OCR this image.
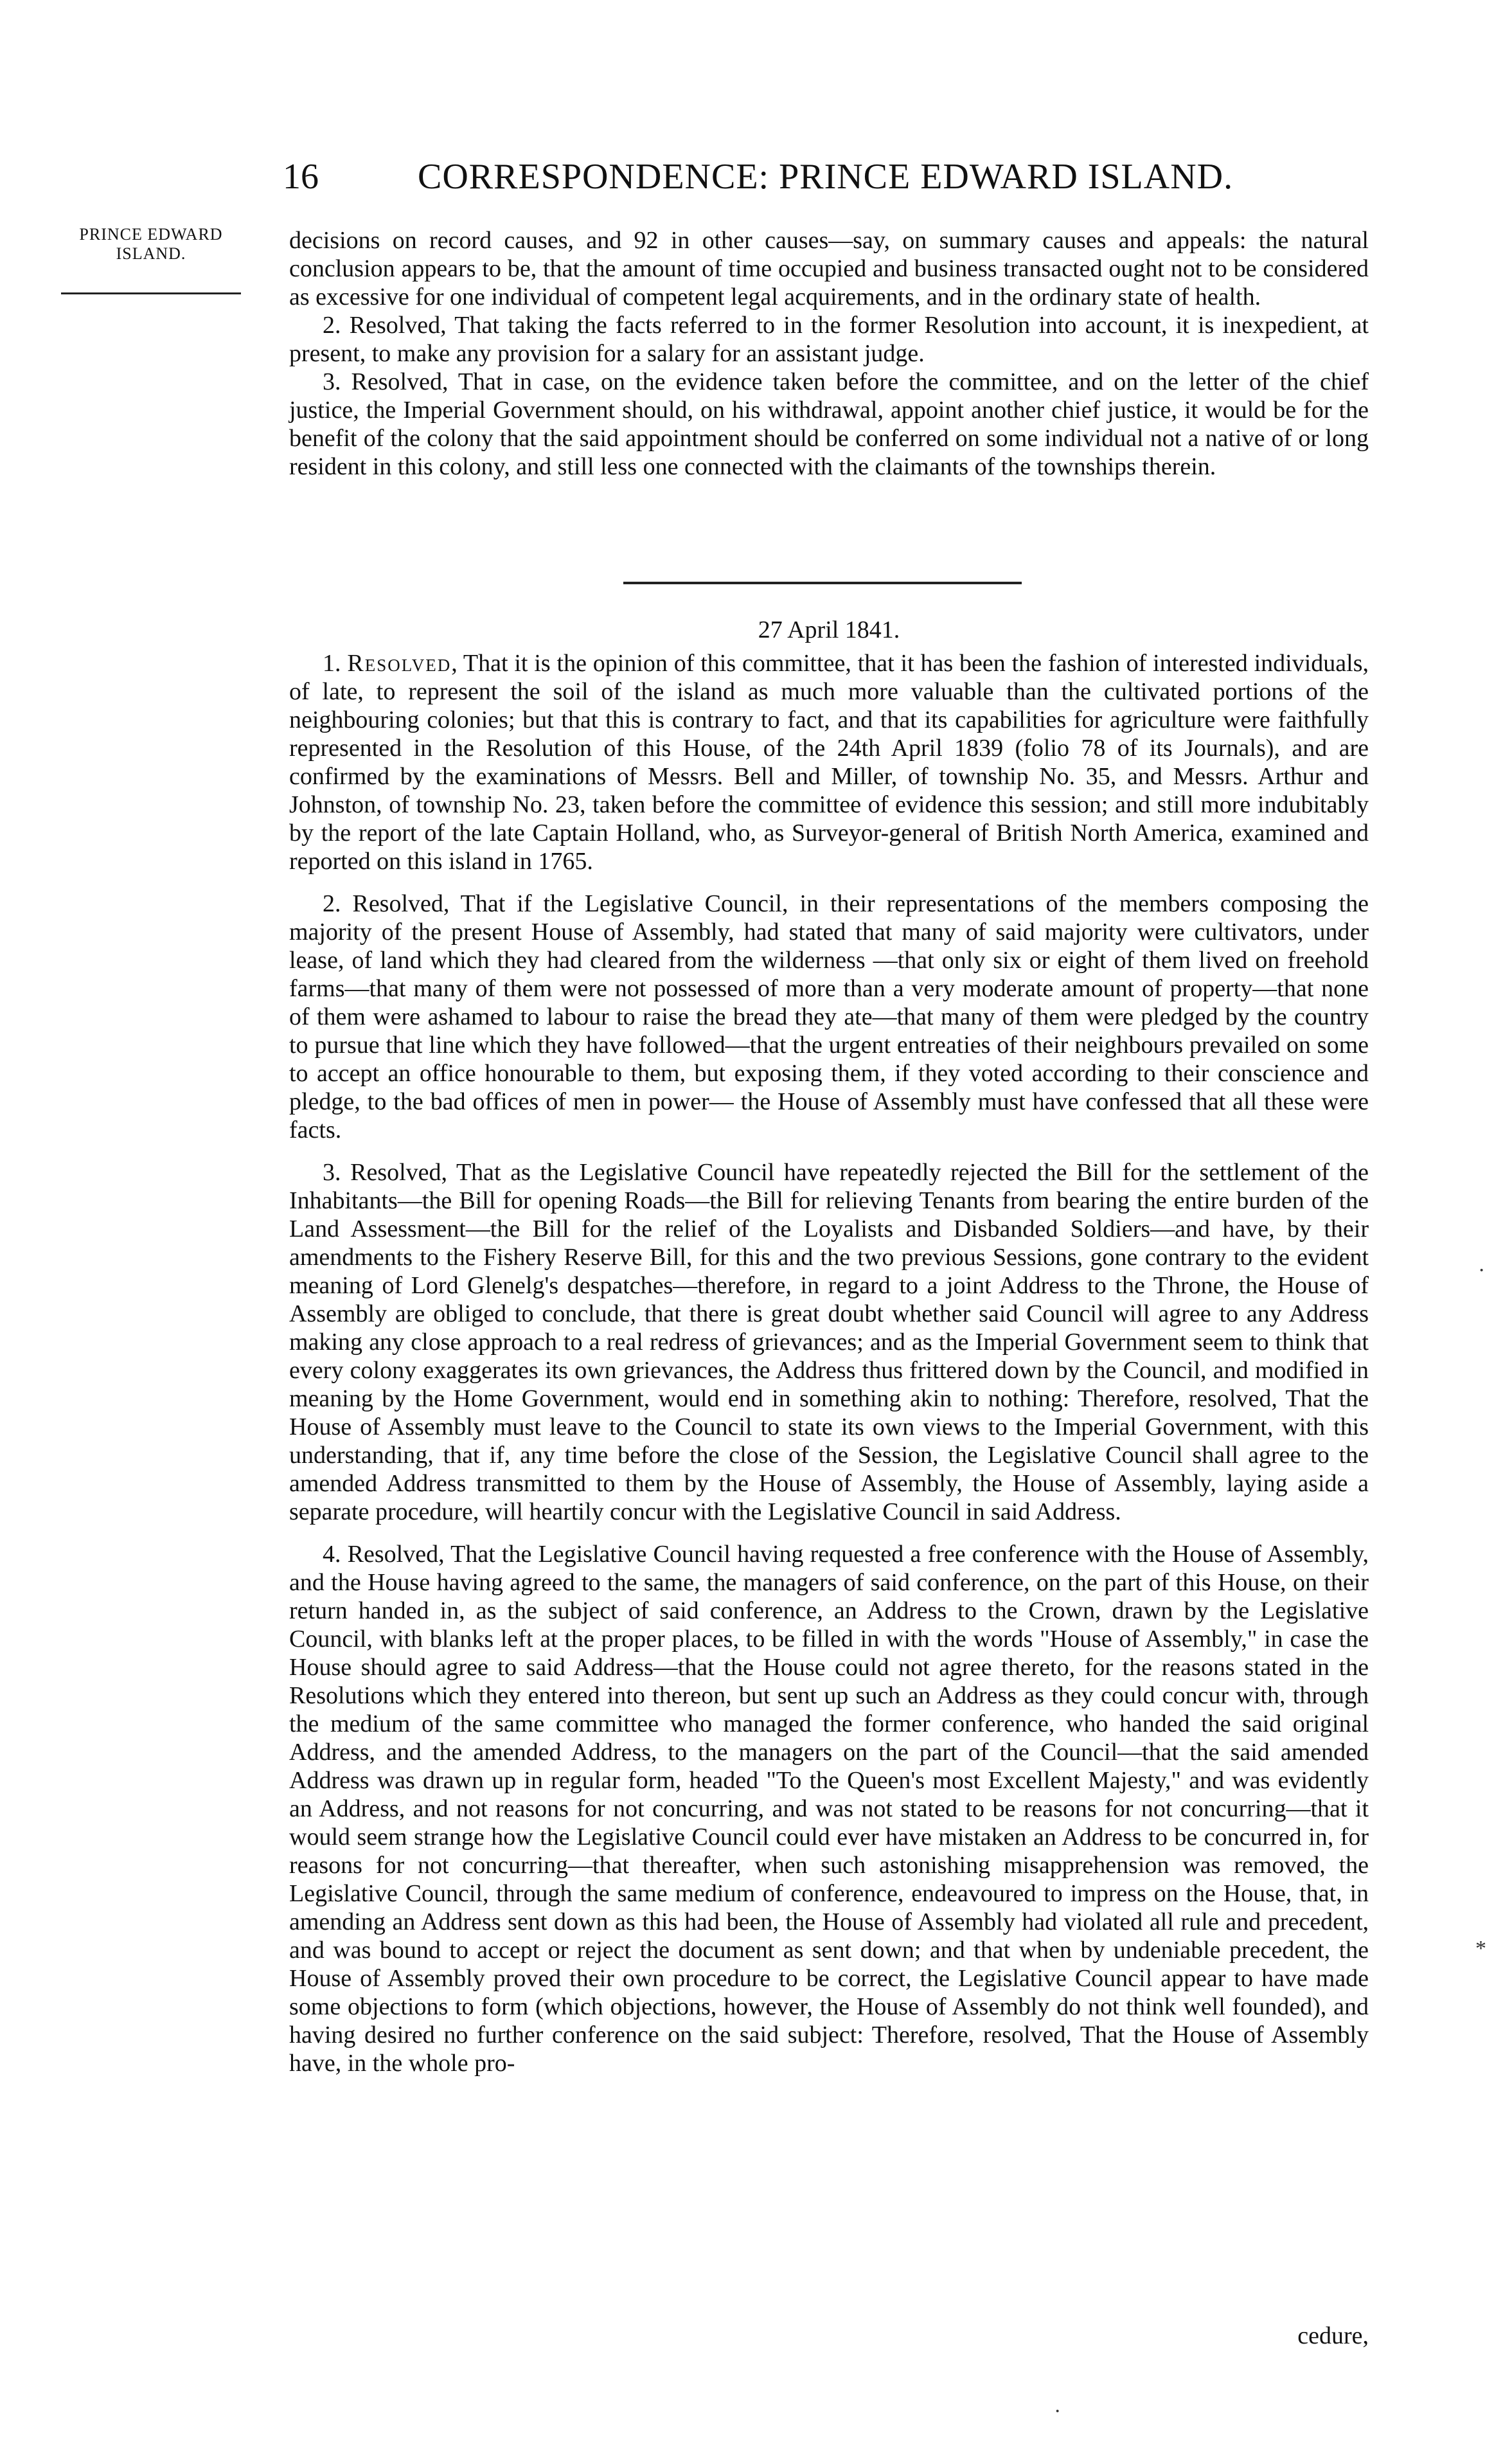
16	CORRESPONDENCE: PRINCE EDWARD ISLAND.
PRINCE EDWARD
ISLAND.	decisions on record causes, and 92 in other causes—say, on summary causes and appeals: the natural conclusion appears to be, that the amount of time occupied and business transacted ought not to be considered as excessive for one individual of competent legal acquirements, and in the ordinary state of health.

2. Resolved, That taking the facts referred to in the former Resolution into account, it is inexpedient, at present, to make any provision for a salary for an assistant judge.

3. Resolved, That in case, on the evidence taken before the committee, and on the letter of the chief justice, the Imperial Government should, on his withdrawal, appoint another chief justice, it would be for the benefit of the colony that the said appointment should be conferred on some individual not a native of or long resident in this colony, and still less one connected with the claimants of the townships therein.

27 April 1841.

1. Resolved, That it is the opinion of this committee, that it has been the fashion of interested individuals, of late, to represent the soil of the island as much more valuable than the cultivated portions of the neighbouring colonies; but that this is contrary to fact, and that its capabilities for agriculture were faithfully represented in the Resolution of this House, of the 24th April 1839 (folio 78 of its Journals), and are confirmed by the examinations of Messrs. Bell and Miller, of township No. 35, and Messrs. Arthur and Johnston, of township No. 23, taken before the committee of evidence this session; and still more indubitably by the report of the late Captain Holland, who, as Surveyor-general of British North America, examined and reported on this island in 1765.

2. Resolved, That if the Legislative Council, in their representations of the members composing the majority of the present House of Assembly, had stated that many of said majority were cultivators, under lease, of land which they had cleared from the wilderness —that only six or eight of them lived on freehold farms—that many of them were not possessed of more than a very moderate amount of property—that none of them were ashamed to labour to raise the bread they ate—that many of them were pledged by the country to pursue that line which they have followed—that the urgent entreaties of their neighbours prevailed on some to accept an office honourable to them, but exposing them, if they voted according to their conscience and pledge, to the bad offices of men in power— the House of Assembly must have confessed that all these were facts.

3. Resolved, That as the Legislative Council have repeatedly rejected the Bill for the settlement of the Inhabitants—the Bill for opening Roads—the Bill for relieving Tenants from bearing the entire burden of the Land Assessment—the Bill for the relief of the Loyalists and Disbanded Soldiers—and have, by their amendments to the Fishery Reserve Bill, for this and the two previous Sessions, gone contrary to the evident meaning of Lord Glenelg's despatches—therefore, in regard to a joint Address to the Throne, the House of Assembly are obliged to conclude, that there is great doubt whether said Council will agree to any Address making any close approach to a real redress of grievances; and as the Imperial Government seem to think that every colony exaggerates its own grievances, the Address thus frittered down by the Council, and modified in meaning by the Home Government, would end in something akin to nothing: Therefore, resolved, That the House of Assembly must leave to the Council to state its own views to the Imperial Government, with this understanding, that if, any time before the close of the Session, the Legislative Council shall agree to the amended Address transmitted to them by the House of Assembly, the House of Assembly, laying aside a separate procedure, will heartily concur with the Legislative Council in said Address.

4. Resolved, That the Legislative Council having requested a free conference with the House of Assembly, and the House having agreed to the same, the managers of said conference, on the part of this House, on their return handed in, as the subject of said conference, an Address to the Crown, drawn by the Legislative Council, with blanks left at the proper places, to be filled in with the words "House of Assembly," in case the House should agree to said Address—that the House could not agree thereto, for the reasons stated in the Resolutions which they entered into thereon, but sent up such an Address as they could concur with, through the medium of the same committee who managed the former conference, who handed the said original Address, and the amended Address, to the managers on the part of the Council—that the said amended Address was drawn up in regular form, headed "To the Queen's most Excellent Majesty," and was evidently an Address, and not reasons for not concurring, and was not stated to be reasons for not concurring—that it would seem strange how the Legislative Council could ever have mistaken an Address to be concurred in, for reasons for not concurring—that thereafter, when such astonishing misapprehension was removed, the Legislative Council, through the same medium of conference, endeavoured to impress on the House, that, in amending an Address sent down as this had been, the House of Assembly had violated all rule and precedent, and was bound to accept or reject the document as sent down; and that when by undeniable precedent, the House of Assembly proved their own procedure to be correct, the Legislative Council appear to have made some objections to form (which objections, however, the House of Assembly do not think well founded), and having desired no further conference on the said subject: Therefore, resolved, That the House of Assembly have, in the whole pro-

cedure,
·
*
·
